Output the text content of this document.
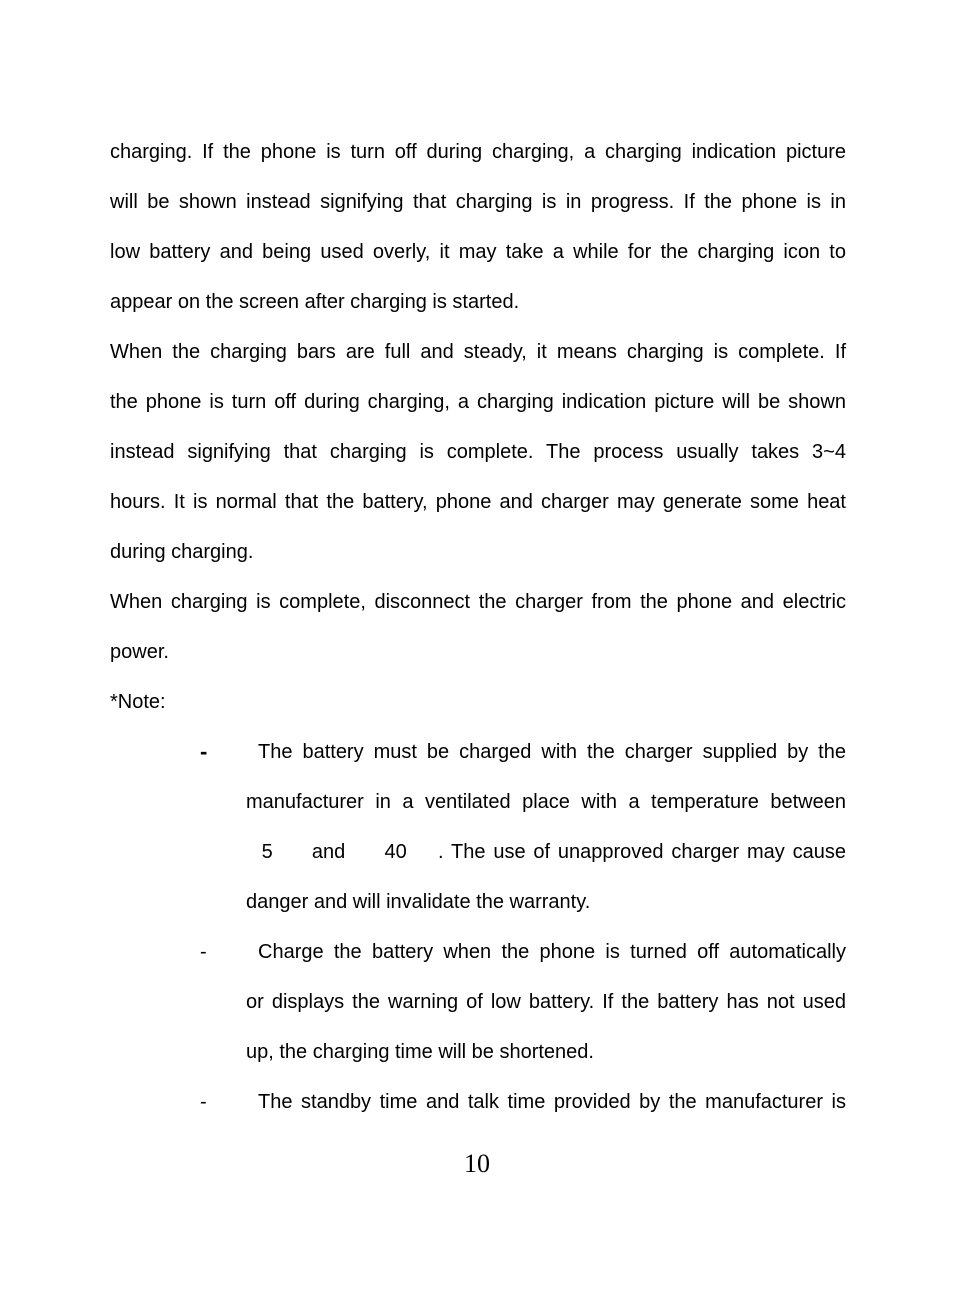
charging. If the phone is turn off during charging, a charging indication picture
will be shown instead signifying that charging is in progress. If the phone is in
low battery and being used overly, it may take a while for the charging icon to
appear on the screen after charging is started.
When the charging bars are full and steady, it means charging is complete. If
the phone is turn off during charging, a charging indication picture will be shown
instead signifying that charging is complete. The process usually takes 3~4
hours. It is normal that the battery, phone and charger may generate some heat
during charging.
When charging is complete, disconnect the charger from the phone and electric
power.
*Note:
-	The battery must be charged with the charger supplied by the
manufacturer in a ventilated place with a temperature between
5     and     40    . The use of unapproved charger may cause
danger and will invalidate the warranty.
-	Charge the battery when the phone is turned off automatically
or displays the warning of low battery. If the battery has not used
up, the charging time will be shortened.
-	The standby time and talk time provided by the manufacturer is
10
